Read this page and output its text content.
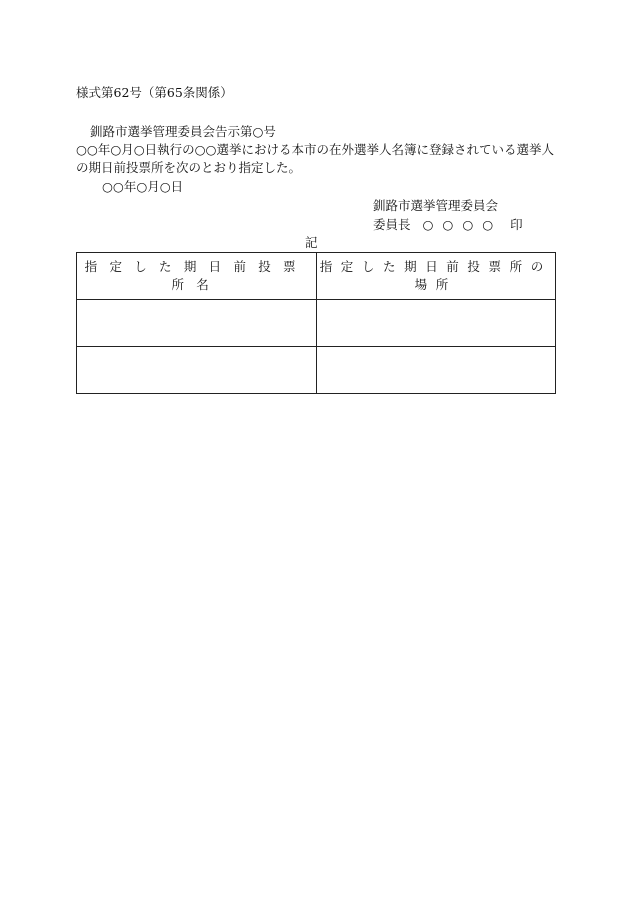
様式第62号（第65条関係）
釧路市選挙管理委員会告示第○号
○○年○月○日執行の○○選挙における本市の在外選挙人名簿に登録されている選挙人
の期日前投票所を次のとおり指定した。
○○年○月○日
釧路市選挙管理委員会
委員長 ○○○○ 印
記
指定した期日前投票所名	指定した期日前投票所の場所
